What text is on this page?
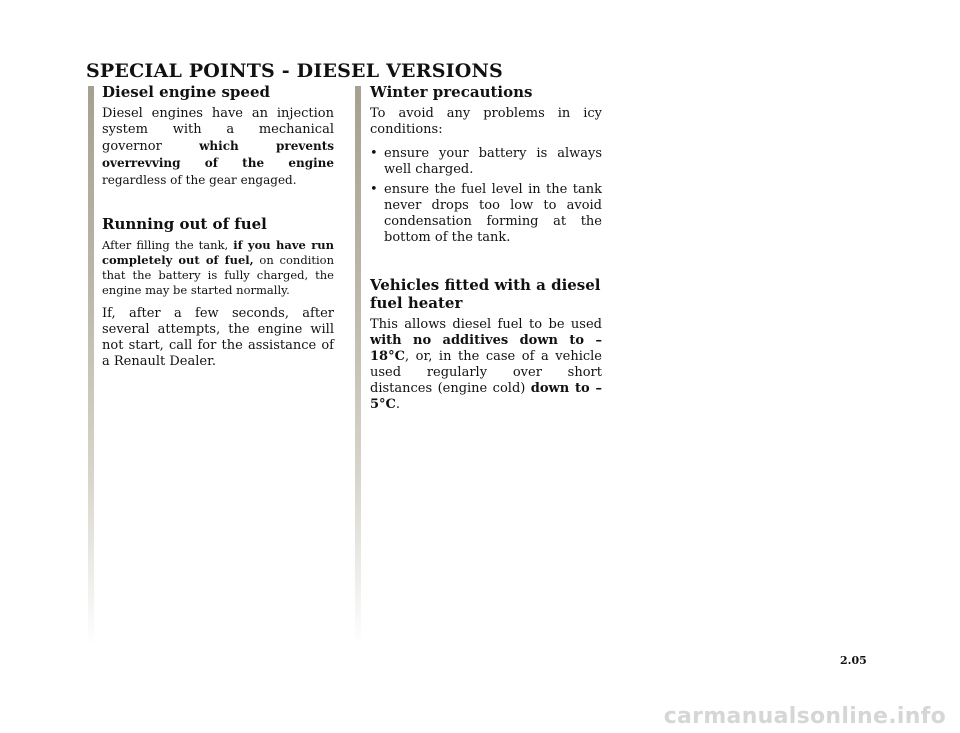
SPECIAL POINTS - DIESEL VERSIONS
Diesel engine speed

Diesel engines have an injection system with a mechanical governor which prevents overrevving of the engine regardless of the gear engaged.

Running out of fuel

After filling the tank, if you have run completely out of fuel, on condition that the battery is fully charged, the engine may be started normally.

If, after a few seconds, after several attempts, the engine will not start, call for the assistance of a Renault Dealer.

Winter precautions

To avoid any problems in icy conditions:

• ensure your battery is always well charged.
• ensure the fuel level in the tank never drops too low to avoid condensation forming at the bottom of the tank.
Vehicles fitted with a diesel fuel heater

This allows diesel fuel to be used with no additives down to –18°C, or, in the case of a vehicle used regularly over short distances (engine cold) down to –5°C.

2.05
carmanualsonline.info
